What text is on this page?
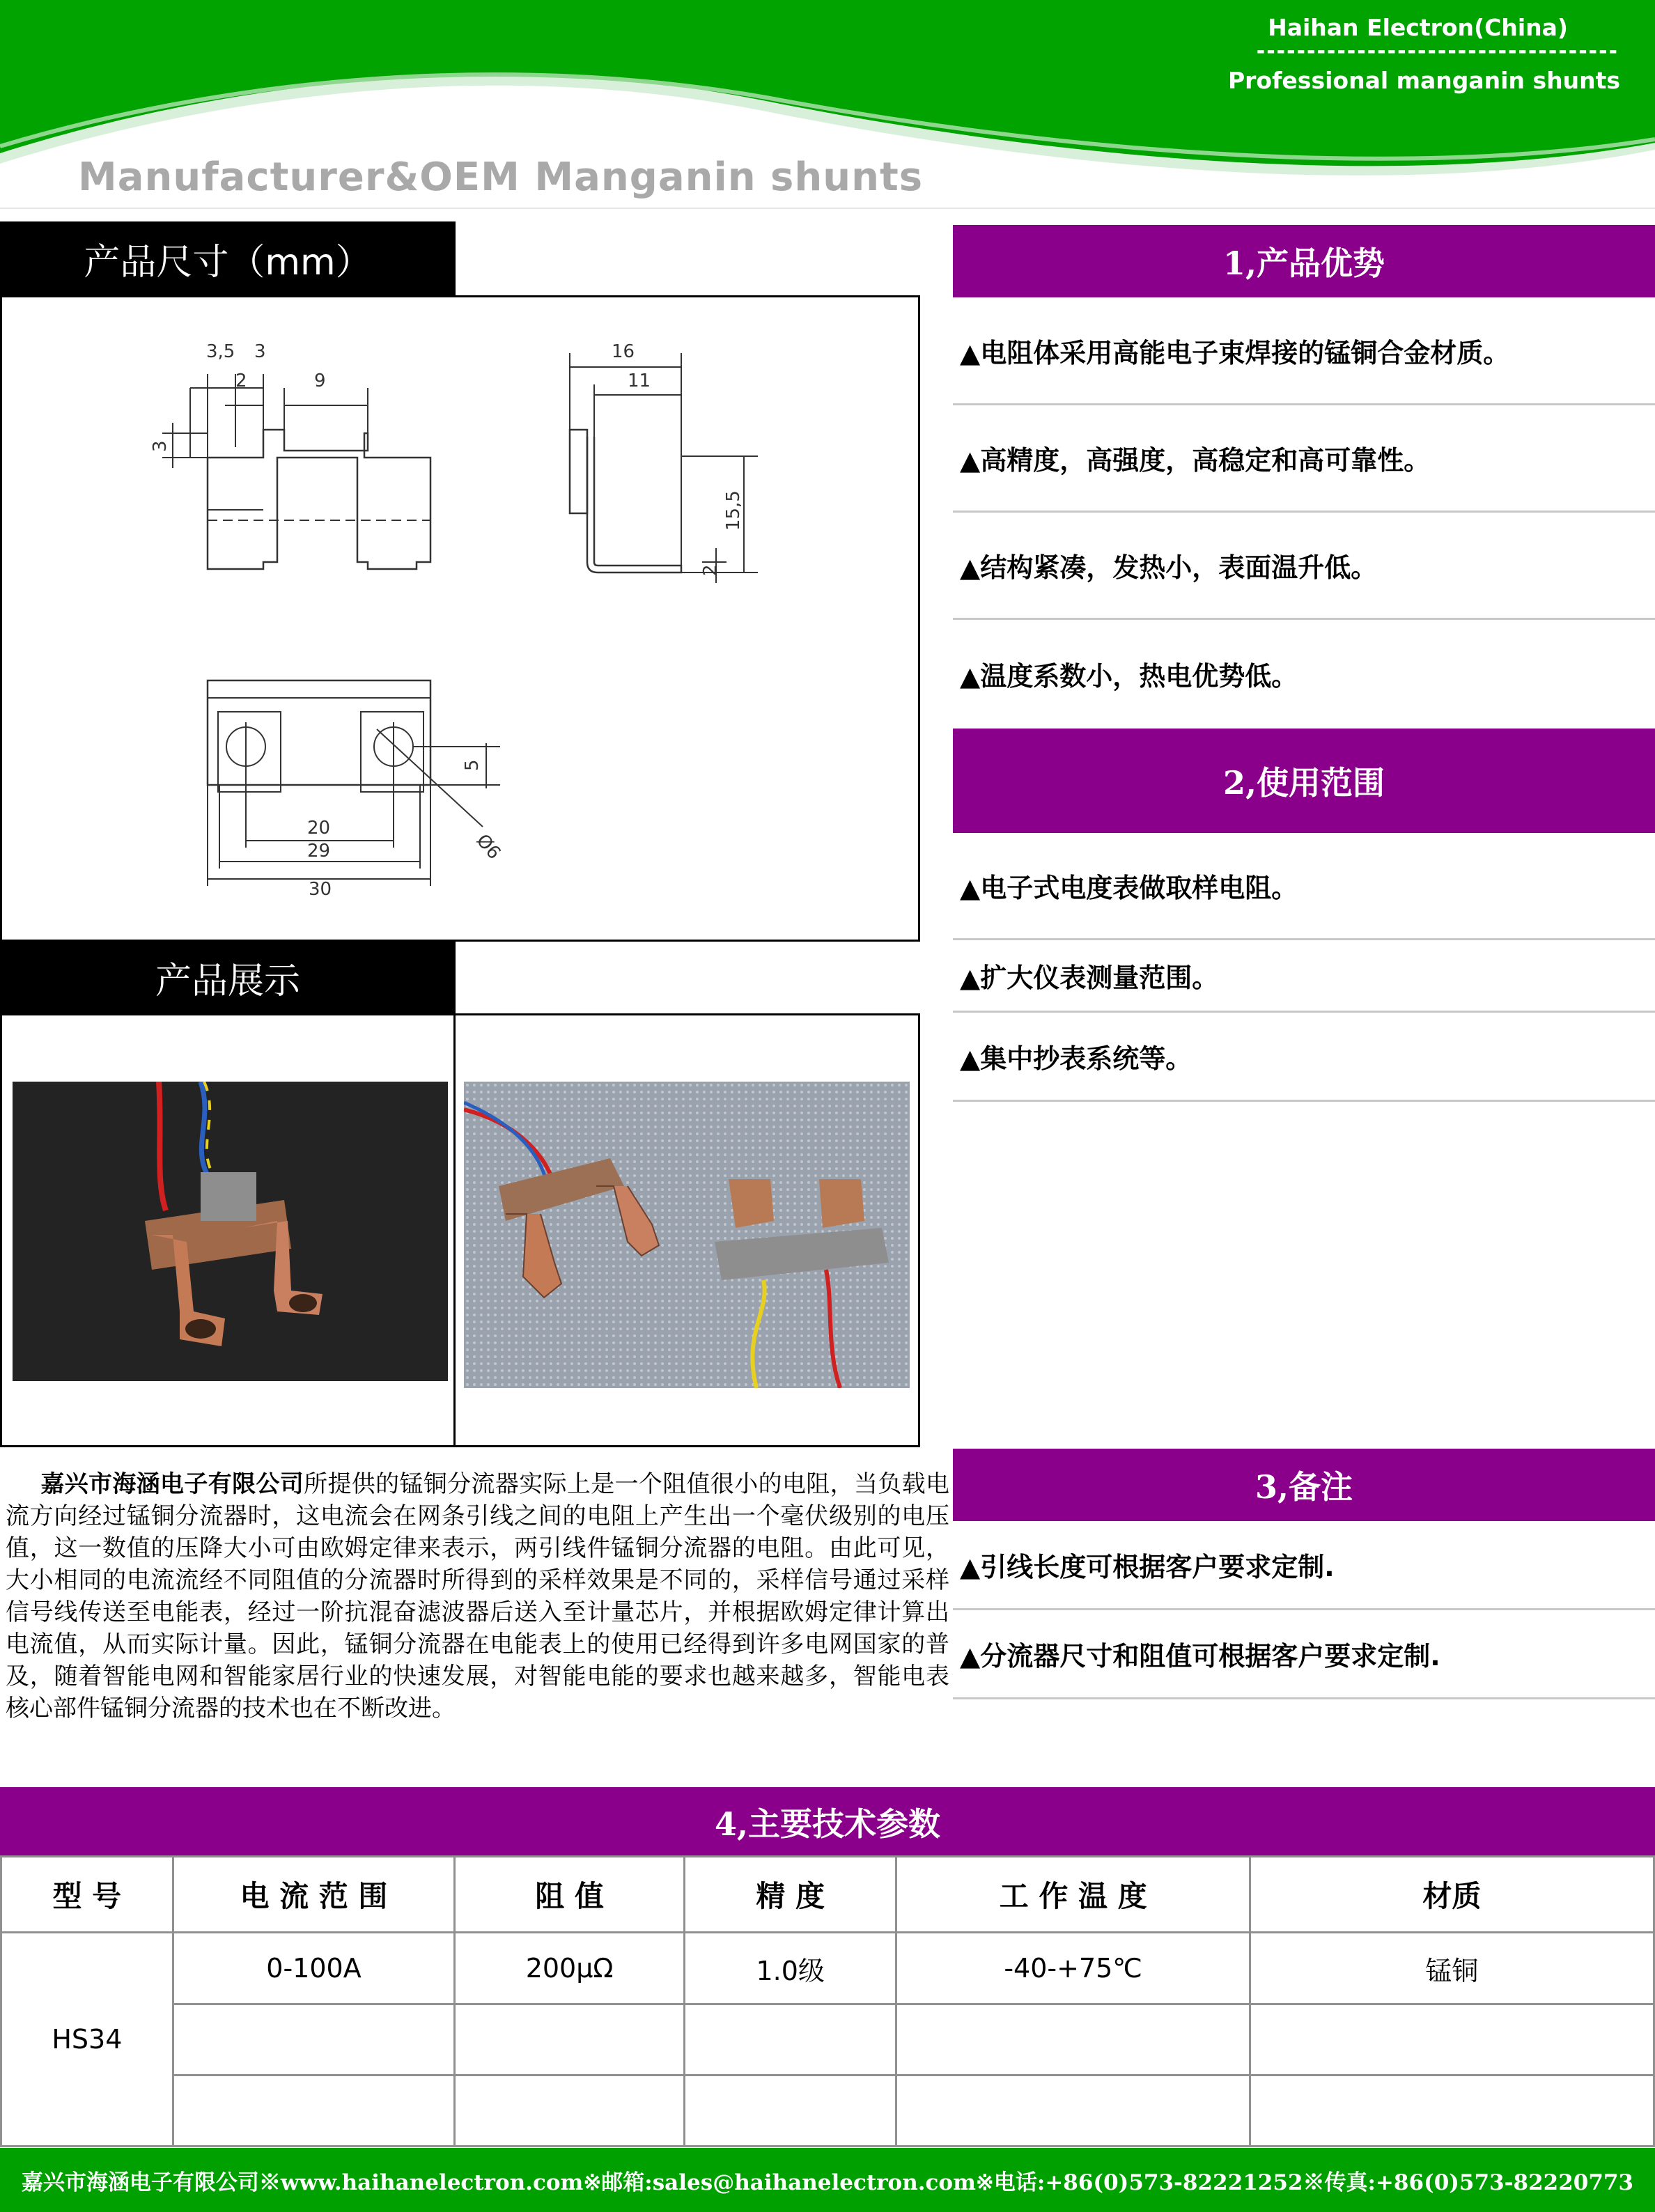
Haihan Electron(China)
------------------------------------
Professional manganin shunts
Manufacturer&OEM Manganin shunts
产品尺寸（mm）
3,5 3
2	9
3
16
11
15,5
2
5
20
29
30
Ø6
产品展示
1,产品优势
▲电阻体采用高能电子束焊接的锰铜合金材质。
▲高精度，高强度，高稳定和高可靠性。
▲结构紧凑，发热小，表面温升低。
▲温度系数小，热电优势低。
2,使用范围
▲电子式电度表做取样电阻。
▲扩大仪表测量范围。
▲集中抄表系统等。
嘉兴市海涵电子有限公司所提供的锰铜分流器实际上是一个阻值很小的电阻，当负载电流方向经过锰铜分流器时，这电流会在网条引线之间的电阻上产生出一个毫伏级别的电压值，这一数值的压降大小可由欧姆定律来表示，两引线件锰铜分流器的电阻。由此可见，大小相同的电流流经不同阻值的分流器时所得到的采样效果是不同的，采样信号通过采样信号线传送至电能表，经过一阶抗混奋滤波器后送入至计量芯片，并根据欧姆定律计算出电流值，从而实际计量。因此，锰铜分流器在电能表上的使用已经得到许多电网国家的普及，随着智能电网和智能家居行业的快速发展，对智能电能的要求也越来越多，智能电表核心部件锰铜分流器的技术也在不断改进。
3,备注
▲引线长度可根据客户要求定制.
▲分流器尺寸和阻值可根据客户要求定制.
4,主要技术参数
型 号	电 流 范 围	阻 值	精 度	工 作 温 度	材质
HS34	0-100A	200μΩ	1.0级	-40-+75℃	锰铜

嘉兴市海涵电子有限公司※www.haihanelectron.com※邮箱:sales@haihanelectron.com※电话:+86(0)573-82221252※传真:+86(0)573-82220773
